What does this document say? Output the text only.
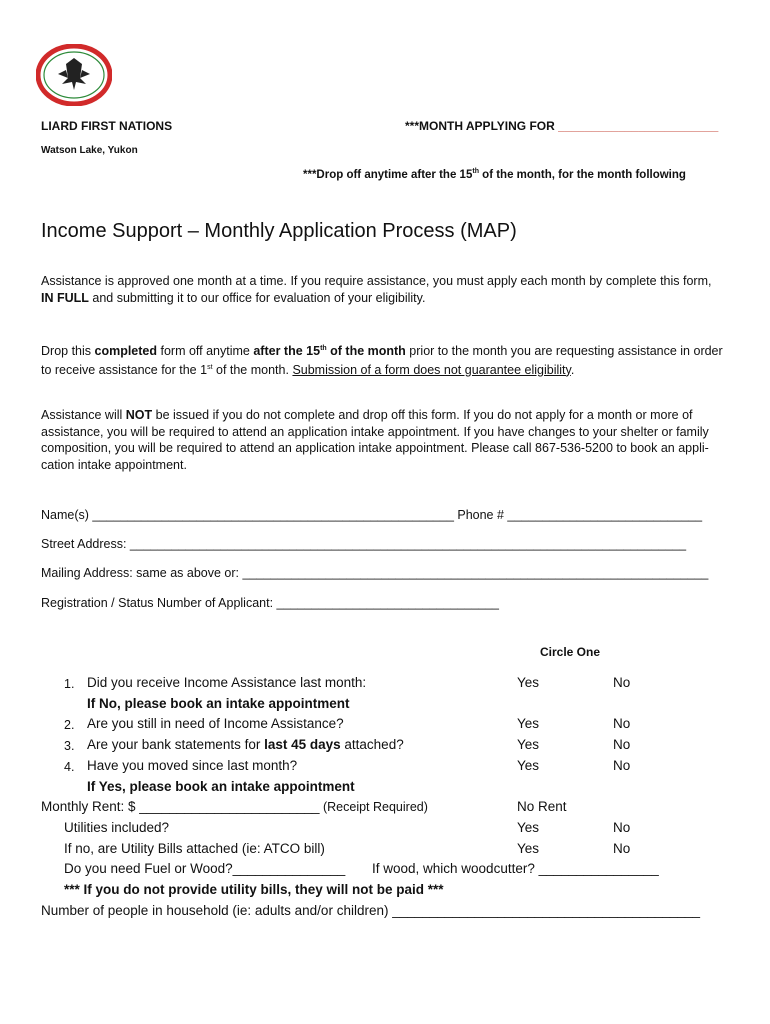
LIARD FIRST NATIONS	***MONTH APPLYING FOR ________________________
Watson Lake, Yukon
***Drop off anytime after the 15th of the month, for the month following
Income Support – Monthly Application Process (MAP)
Assistance is approved one month at a time. If you require assistance, you must apply each month by complete this form,
IN FULL and submitting it to our office for evaluation of your eligibility.
Drop this completed form off anytime after the 15th of the month prior to the month you are requesting assistance in order
to receive assistance for the 1st of the month. Submission of a form does not guarantee eligibility.
Assistance will NOT be issued if you do not complete and drop off this form. If you do not apply for a month or more of
assistance, you will be required to attend an application intake appointment. If you have changes to your shelter or family
composition, you will be required to attend an application intake appointment. Please call 867-536-5200 to book an appli-
cation intake appointment.
Name(s) ____________________________________________________ Phone # ____________________________
Street Address: ________________________________________________________________________________
Mailing Address: same as above or: ___________________________________________________________________
Registration / Status Number of Applicant: ________________________________
Circle One
1. Did you receive Income Assistance last month:	Yes	No
If No, please book an intake appointment
2. Are you still in need of Income Assistance?	Yes	No
3. Are your bank statements for last 45 days attached?	Yes	No
4. Have you moved since last month?	Yes	No
If Yes, please book an intake appointment
Monthly Rent: $ ________________________ (Receipt Required)	No Rent
Utilities included?	Yes	No
If no, are Utility Bills attached (ie: ATCO bill)	Yes	No
Do you need Fuel or Wood?_______________ If wood, which woodcutter? ________________
*** If you do not provide utility bills, they will not be paid ***
Number of people in household (ie: adults and/or children) _________________________________________
